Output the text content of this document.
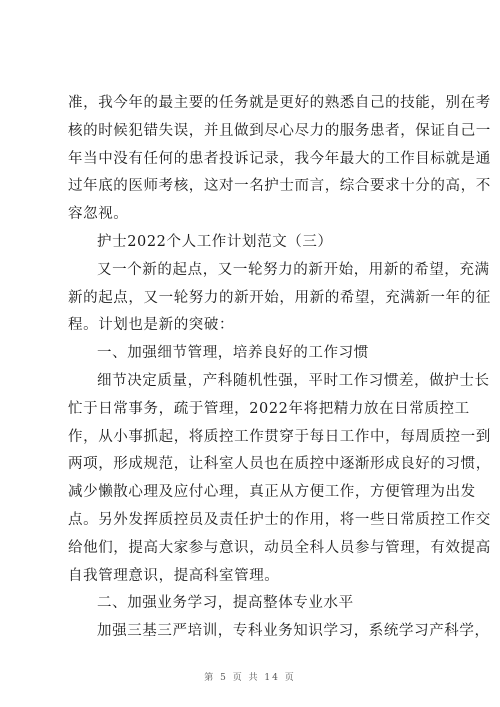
准，我今年的最主要的任务就是更好的熟悉自己的技能，别在考
核的时候犯错失误，并且做到尽心尽力的服务患者，保证自己一
年当中没有任何的患者投诉记录，我今年最大的工作目标就是通
过年底的医师考核，这对一名护士而言，综合要求十分的高，不
容忽视。
护士2022个人工作计划范文（三）
又一个新的起点，又一轮努力的新开始，用新的希望，充满
新的起点，又一轮努力的新开始，用新的希望，充满新一年的征
程。计划也是新的突破：
一、加强细节管理，培养良好的工作习惯
细节决定质量，产科随机性强，平时工作习惯差，做护士长
忙于日常事务，疏于管理，2022年将把精力放在日常质控工
作，从小事抓起，将质控工作贯穿于每日工作中，每周质控一到
两项，形成规范，让科室人员也在质控中逐渐形成良好的习惯，
减少懒散心理及应付心理，真正从方便工作，方便管理为出发
点。另外发挥质控员及责任护士的作用，将一些日常质控工作交
给他们，提高大家参与意识，动员全科人员参与管理，有效提高
自我管理意识，提高科室管理。
二、加强业务学习，提高整体专业水平
加强三基三严培训，专科业务知识学习，系统学习产科学，
第 5 页 共 14 页
